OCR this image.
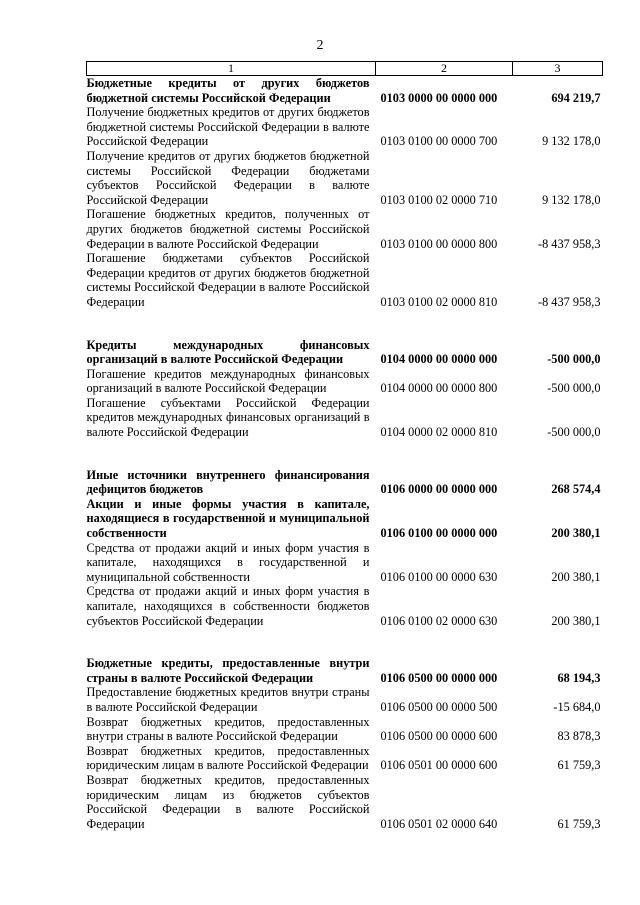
2
1	2	3
Бюджетные кредиты от других бюджетов бюджетной системы Российской Федерации	0103 0000 00 0000 000	694 219,7
Получение бюджетных кредитов от других бюджетов бюджетной системы Российской Федерации в валюте Российской Федерации	0103 0100 00 0000 700	9 132 178,0
Получение кредитов от других бюджетов бюджетной системы Российской Федерации бюджетами субъектов Российской Федерации в валюте Российской Федерации	0103 0100 02 0000 710	9 132 178,0
Погашение бюджетных кредитов, полученных от других бюджетов бюджетной системы Российской Федерации в валюте Российской Федерации	0103 0100 00 0000 800	-8 437 958,3
Погашение бюджетами субъектов Российской Федерации кредитов от других бюджетов бюджетной системы Российской Федерации в валюте Российской Федерации	0103 0100 02 0000 810	-8 437 958,3

Кредиты международных финансовых организаций в валюте Российской Федерации	0104 0000 00 0000 000	-500 000,0
Погашение кредитов международных финансовых организаций в валюте Российской Федерации	0104 0000 00 0000 800	-500 000,0
Погашение субъектами Российской Федерации кредитов международных финансовых организаций в валюте Российской Федерации	0104 0000 02 0000 810	-500 000,0

Иные источники внутреннего финансирования дефицитов бюджетов	0106 0000 00 0000 000	268 574,4
Акции и иные формы участия в капитале, находящиеся в государственной и муниципальной собственности	0106 0100 00 0000 000	200 380,1
Средства от продажи акций и иных форм участия в капитале, находящихся в государственной и муниципальной собственности	0106 0100 00 0000 630	200 380,1
Средства от продажи акций и иных форм участия в капитале, находящихся в собственности бюджетов субъектов Российской Федерации	0106 0100 02 0000 630	200 380,1

Бюджетные кредиты, предоставленные внутри страны в валюте Российской Федерации	0106 0500 00 0000 000	68 194,3
Предоставление бюджетных кредитов внутри страны в валюте Российской Федерации	0106 0500 00 0000 500	-15 684,0
Возврат бюджетных кредитов, предоставленных внутри страны в валюте Российской Федерации	0106 0500 00 0000 600	83 878,3
Возврат бюджетных кредитов, предоставленных юридическим лицам в валюте Российской Федерации	0106 0501 00 0000 600	61 759,3
Возврат бюджетных кредитов, предоставленных юридическим лицам из бюджетов субъектов Российской Федерации в валюте Российской Федерации	0106 0501 02 0000 640	61 759,3
